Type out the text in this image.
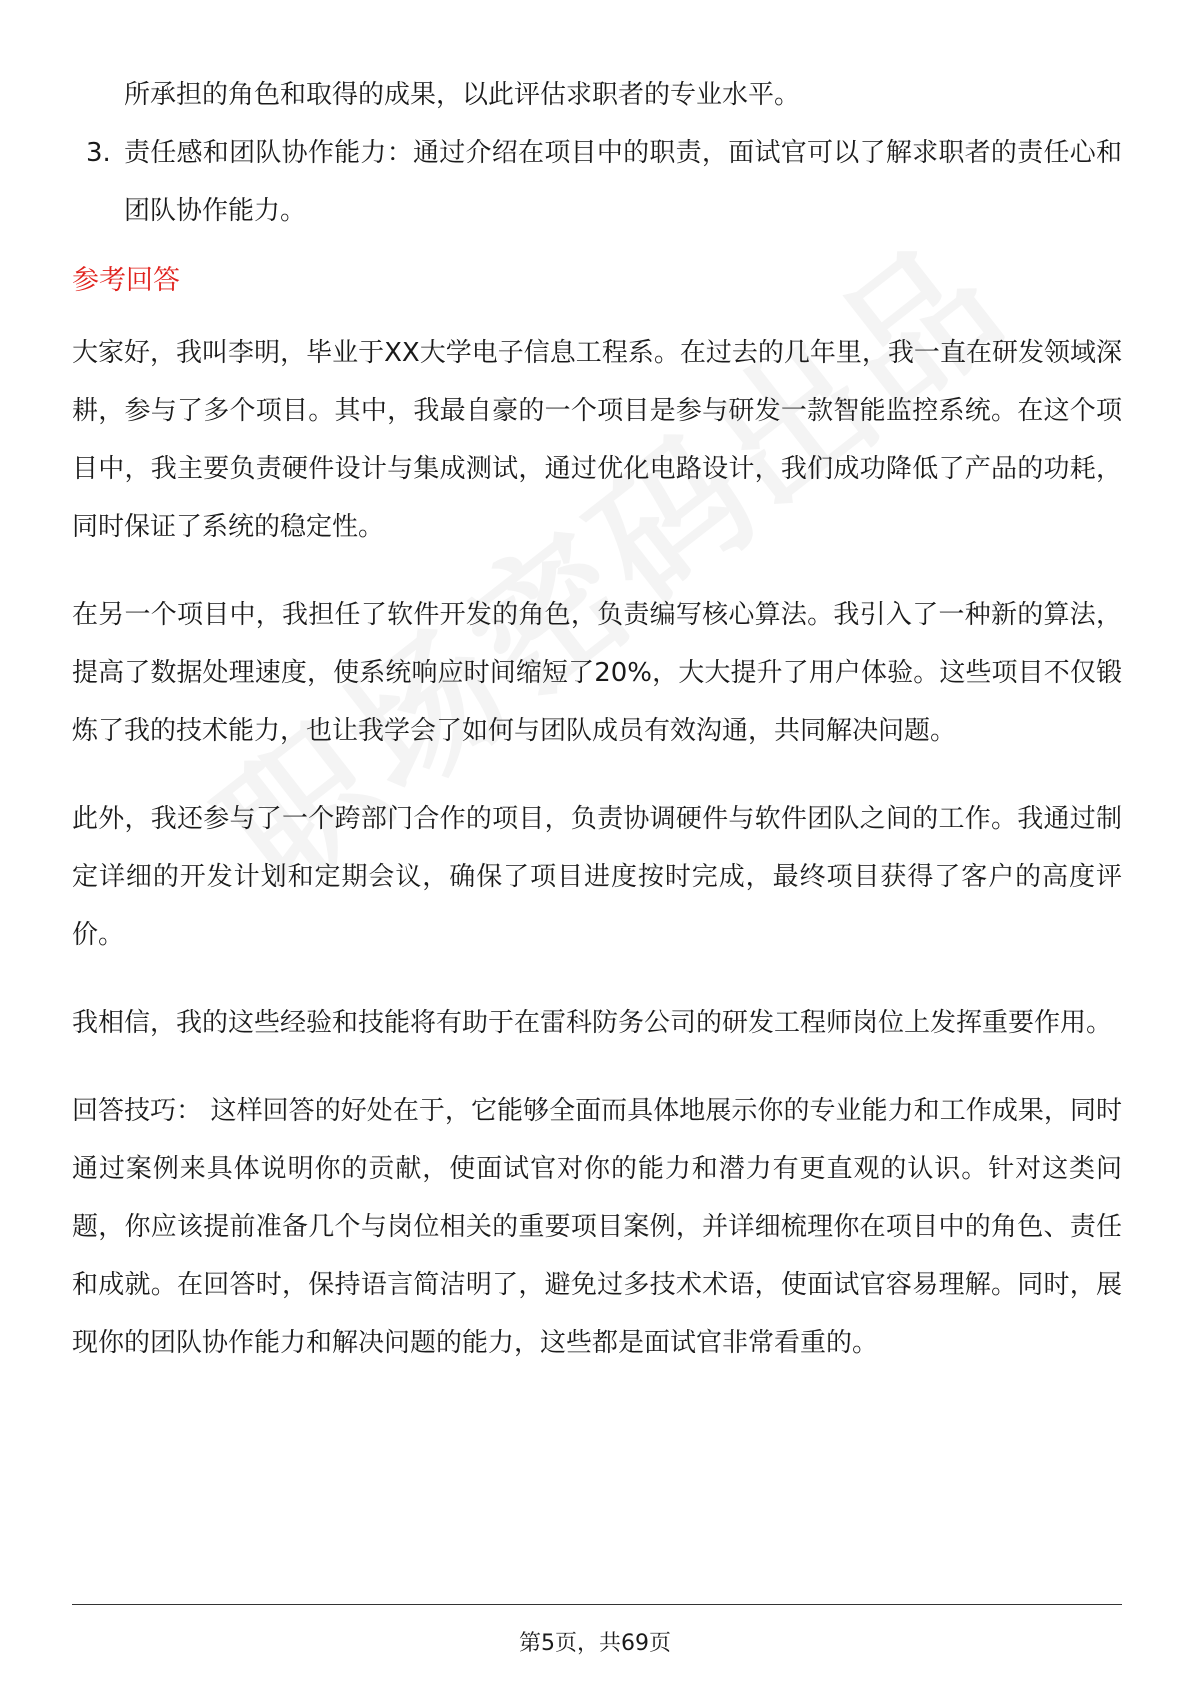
所承担的角色和取得的成果，以此评估求职者的专业水平。

3. 责任感和团队协作能力：通过介绍在项目中的职责，面试官可以了解求职者的责任心和团队协作能力。
参考回答

大家好，我叫李明，毕业于XX大学电子信息工程系。在过去的几年里，我一直在研发领域深耕，参与了多个项目。其中，我最自豪的一个项目是参与研发一款智能监控系统。在这个项目中，我主要负责硬件设计与集成测试，通过优化电路设计，我们成功降低了产品的功耗，同时保证了系统的稳定性。

在另一个项目中，我担任了软件开发的角色，负责编写核心算法。我引入了一种新的算法，提高了数据处理速度，使系统响应时间缩短了20%，大大提升了用户体验。这些项目不仅锻炼了我的技术能力，也让我学会了如何与团队成员有效沟通，共同解决问题。

此外，我还参与了一个跨部门合作的项目，负责协调硬件与软件团队之间的工作。我通过制定详细的开发计划和定期会议，确保了项目进度按时完成，最终项目获得了客户的高度评价。

我相信，我的这些经验和技能将有助于在雷科防务公司的研发工程师岗位上发挥重要作用。

回答技巧： 这样回答的好处在于，它能够全面而具体地展示你的专业能力和工作成果，同时通过案例来具体说明你的贡献，使面试官对你的能力和潜力有更直观的认识。针对这类问题，你应该提前准备几个与岗位相关的重要项目案例，并详细梳理你在项目中的角色、责任和成就。在回答时，保持语言简洁明了，避免过多技术术语，使面试官容易理解。同时，展现你的团队协作能力和解决问题的能力，这些都是面试官非常看重的。

第5页，共69页
